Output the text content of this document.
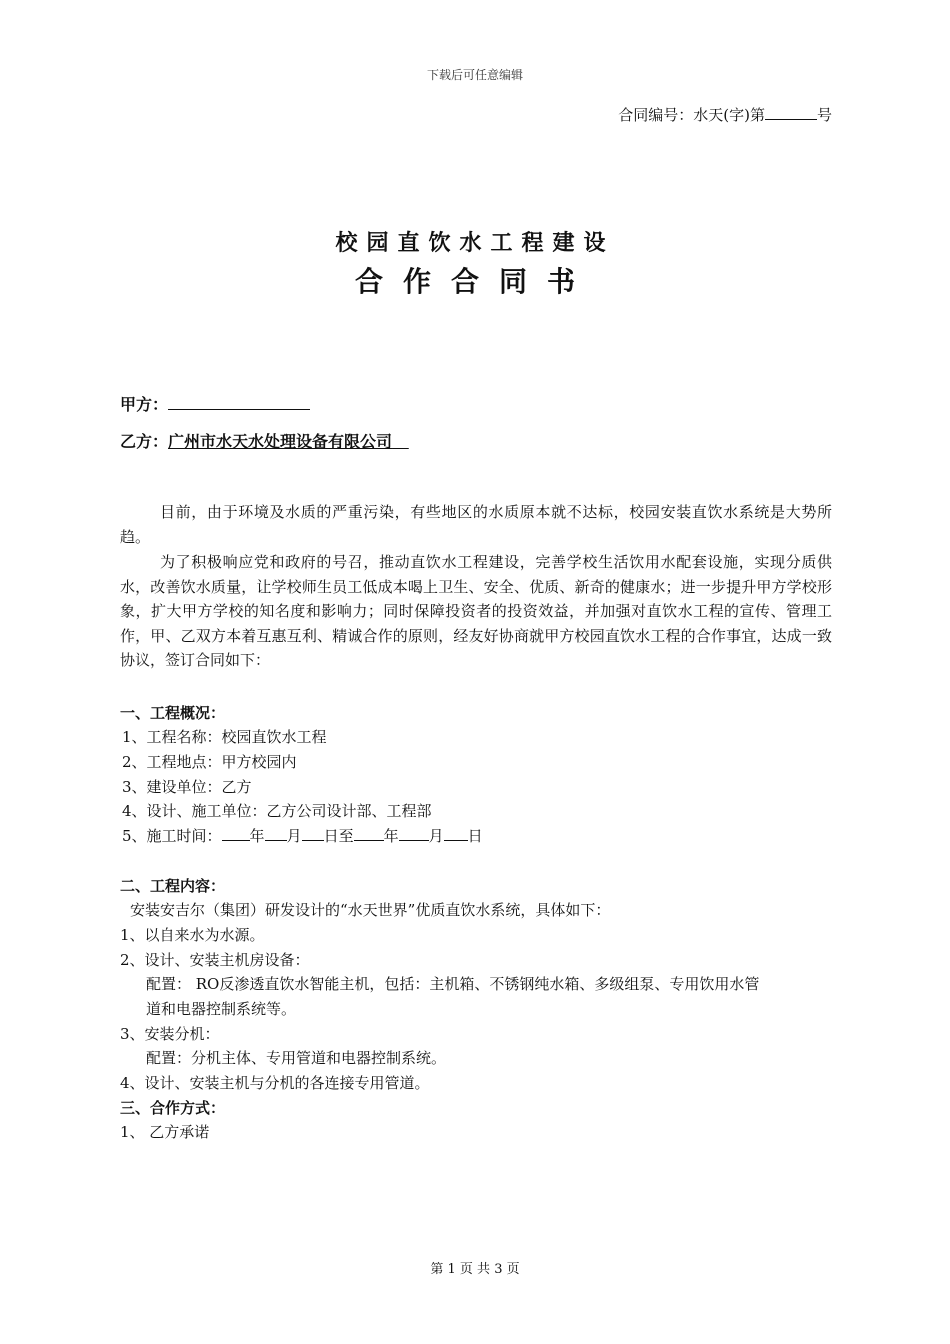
下载后可任意编辑
合同编号：水天(字)第	号
校园直饮水工程建设
合作合同书
甲方：
乙方：广州市水天水处理设备有限公司
目前，由于环境及水质的严重污染，有些地区的水质原本就不达标，校园安装直饮水系统是大势所趋。
为了积极响应党和政府的号召，推动直饮水工程建设，完善学校生活饮用水配套设施，实现分质供水，改善饮水质量，让学校师生员工低成本喝上卫生、安全、优质、新奇的健康水；进一步提升甲方学校形象，扩大甲方学校的知名度和影响力；同时保障投资者的投资效益，并加强对直饮水工程的宣传、管理工作，甲、乙双方本着互惠互利、精诚合作的原则，经友好协商就甲方校园直饮水工程的合作事宜，达成一致协议，签订合同如下：
一、工程概况：
1、工程名称：校园直饮水工程
2、工程地点：甲方校园内
3、建设单位：乙方
4、设计、施工单位：乙方公司设计部、工程部
5、施工时间： 年 月 日至 年 月 日
二、工程内容：
安装安吉尔（集团）研发设计的“水天世界”优质直饮水系统，具体如下：
1、以自来水为水源。
2、设计、安装主机房设备：
配置： RO反渗透直饮水智能主机，包括：主机箱、不锈钢纯水箱、多级组泵、专用饮用水管
道和电器控制系统等。
3、安装分机：
配置：分机主体、专用管道和电器控制系统。
4、设计、安装主机与分机的各连接专用管道。
三、合作方式：
1、 乙方承诺
第 1 页 共 3 页
